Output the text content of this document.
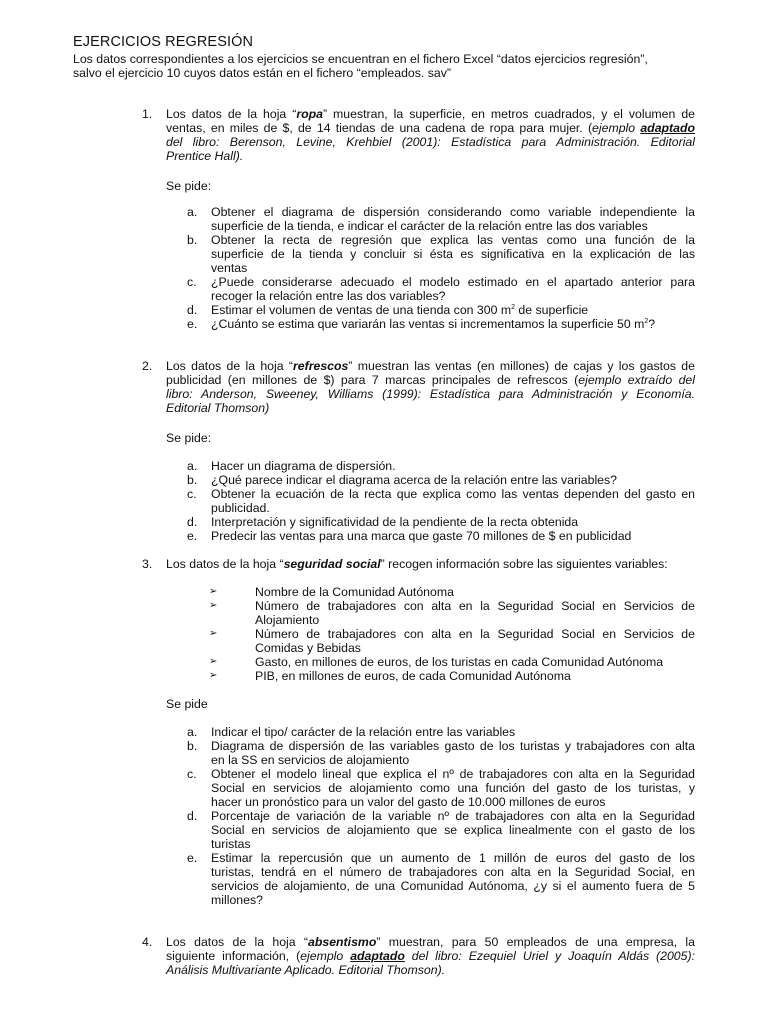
EJERCICIOS REGRESIÓN
Los datos correspondientes a los ejercicios se encuentran en el fichero Excel “datos ejercicios regresión”,
salvo el ejercicio 10 cuyos datos están en el fichero “empleados. sav”
1. Los datos de la hoja “ropa” muestran, la superficie, en metros cuadrados, y el volumen de
ventas, en miles de $, de 14 tiendas de una cadena de ropa para mujer. (ejemplo adaptado
del libro: Berenson, Levine, Krehbiel (2001): Estadística para Administración. Editorial
Prentice Hall).
Se pide:
a. Obtener el diagrama de dispersión considerando como variable independiente la
superficie de la tienda, e indicar el carácter de la relación entre las dos variables
b. Obtener la recta de regresión que explica las ventas como una función de la
superficie de la tienda y concluir si ésta es significativa en la explicación de las
ventas
c. ¿Puede considerarse adecuado el modelo estimado en el apartado anterior para
recoger la relación entre las dos variables?
d. Estimar el volumen de ventas de una tienda con 300 $m^2$ de superficie
e. ¿Cuánto se estima que variarán las ventas si incrementamos la superficie 50 $m^2$?
2. Los datos de la hoja “refrescos” muestran las ventas (en millones) de cajas y los gastos de
publicidad (en millones de $) para 7 marcas principales de refrescos (ejemplo extraído del
libro: Anderson, Sweeney, Williams (1999): Estadística para Administración y Economía.
Editorial Thomson)
Se pide:
a. Hacer un diagrama de dispersión.
b. ¿Qué parece indicar el diagrama acerca de la relación entre las variables?
c. Obtener la ecuación de la recta que explica como las ventas dependen del gasto en
publicidad.
d. Interpretación y significatividad de la pendiente de la recta obtenida
e. Predecir las ventas para una marca que gaste 70 millones de $ en publicidad
3. Los datos de la hoja “seguridad social” recogen información sobre las siguientes variables:
➢	Nombre de la Comunidad Autónoma
➢	Número de trabajadores con alta en la Seguridad Social en Servicios de
Alojamiento
➢	Número de trabajadores con alta en la Seguridad Social en Servicios de
Comidas y Bebidas
➢	Gasto, en millones de euros, de los turistas en cada Comunidad Autónoma
➢	PIB, en millones de euros, de cada Comunidad Autónoma
Se pide
a. Indicar el tipo/ carácter de la relación entre las variables
b. Diagrama de dispersión de las variables gasto de los turistas y trabajadores con alta
en la SS en servicios de alojamiento
c. Obtener el modelo lineal que explica el nº de trabajadores con alta en la Seguridad
Social en servicios de alojamiento como una función del gasto de los turistas, y
hacer un pronóstico para un valor del gasto de 10.000 millones de euros
d. Porcentaje de variación de la variable nº de trabajadores con alta en la Seguridad
Social en servicios de alojamiento que se explica linealmente con el gasto de los
turistas
e. Estimar la repercusión que un aumento de 1 millón de euros del gasto de los
turistas, tendrá en el número de trabajadores con alta en la Seguridad Social, en
servicios de alojamiento, de una Comunidad Autónoma, ¿y si el aumento fuera de 5
millones?
4. Los datos de la hoja “absentismo” muestran, para 50 empleados de una empresa, la
siguiente información, (ejemplo adaptado del libro: Ezequiel Uriel y Joaquín Aldás (2005):
Análisis Multivariante Aplicado. Editorial Thomson).
